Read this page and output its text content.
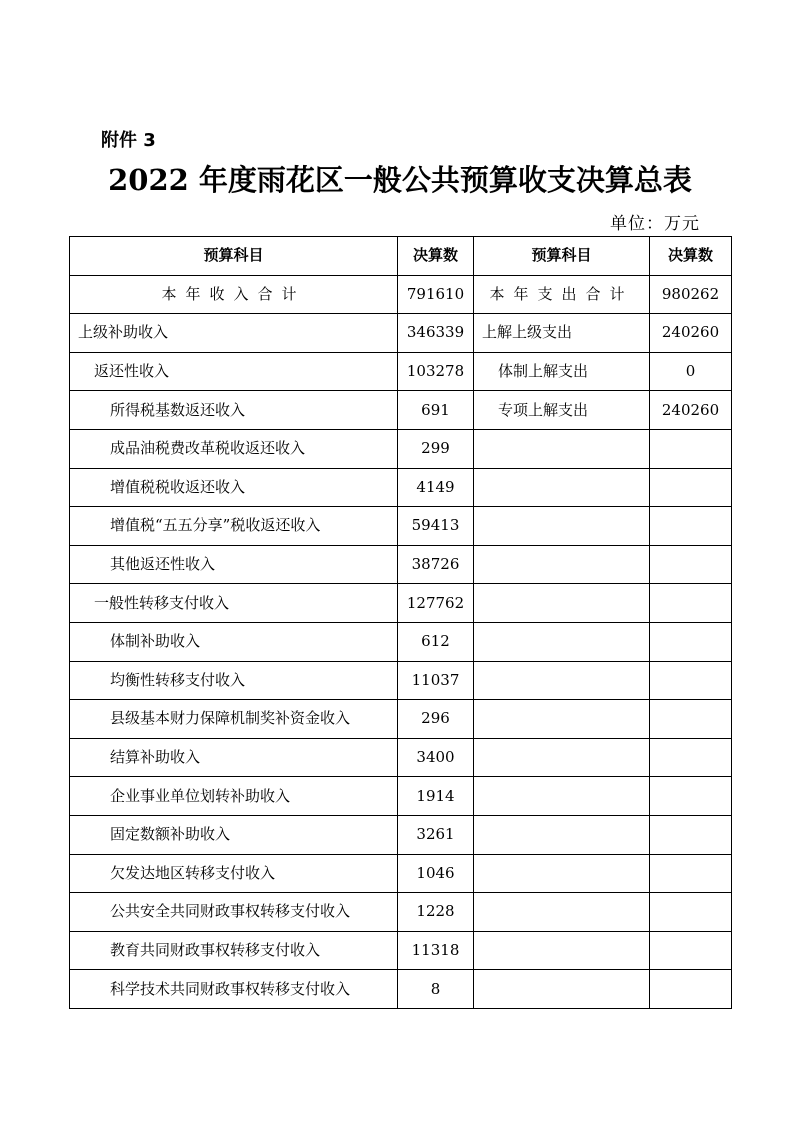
附件 3
2022 年度雨花区一般公共预算收支决算总表
单位：万元
预算科目	决算数	预算科目	决算数
本年收入合计	791610	本年支出合计	980262
上级补助收入	346339	上解上级支出	240260
返还性收入	103278	体制上解支出	0
所得税基数返还收入	691	专项上解支出	240260
成品油税费改革税收返还收入	299		
增值税税收返还收入	4149		
增值税“五五分享”税收返还收入	59413		
其他返还性收入	38726		
一般性转移支付收入	127762		
体制补助收入	612		
均衡性转移支付收入	11037		
县级基本财力保障机制奖补资金收入	296		
结算补助收入	3400		
企业事业单位划转补助收入	1914		
固定数额补助收入	3261		
欠发达地区转移支付收入	1046		
公共安全共同财政事权转移支付收入	1228		
教育共同财政事权转移支付收入	11318		
科学技术共同财政事权转移支付收入	8		
